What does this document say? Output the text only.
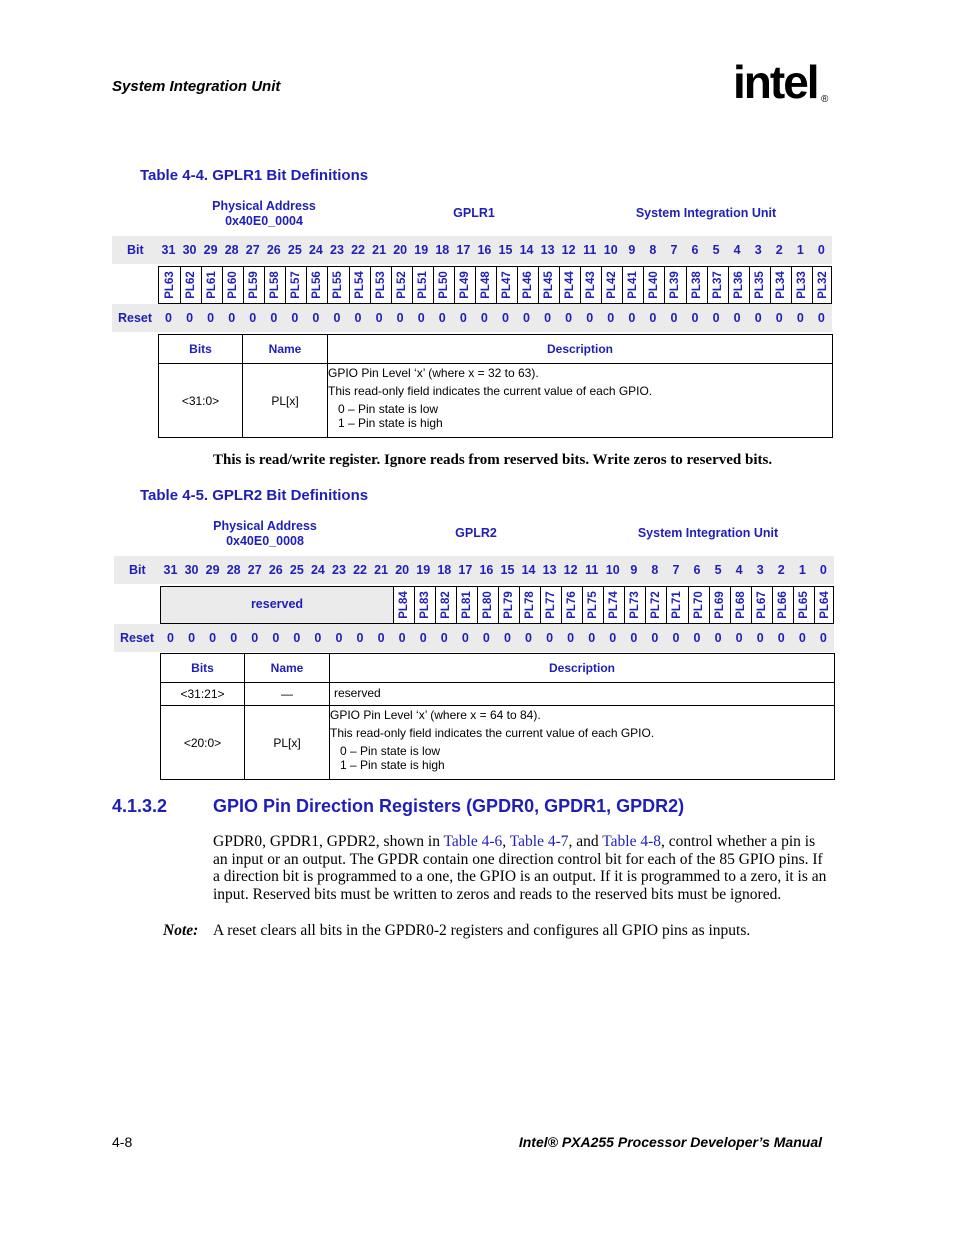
System Integration Unit	intel ®
Table 4-4. GPLR1 Bit Definitions
Physical Address
0x40E0_0004
GPLR1	System Integration Unit
Bit 31 30 29 28 27 26 25 24 23 22 21 20 19 18 17 16 15 14 13 12 11 10 9	8	7	6	5	4	3	2	1	0
PL63 PL62 PL61 PL60 PL59 PL58 PL57 PL56 PL55 PL54 PL53 PL52 PL51 PL50 PL49 PL48 PL47 PL46 PL45 PL44 PL43 PL42 PL41 PL40 PL39 PL38 PL37 PL36 PL35 PL34 PL33 PL32
Reset	0	0	0	0	0	0	0	0	0	0	0	0	0	0	0	0	0	0	0	0	0	0	0	0	0	0	0	0	0	0	0	0
Bits	Name	Description
<31:0>	PL[x]	GPIO Pin Level ‘x’ (where x = 32 to 63).
This read-only field indicates the current value of each GPIO.
0 – Pin state is low
1 – Pin state is high
This is read/write register. Ignore reads from reserved bits. Write zeros to reserved bits.
Table 4-5. GPLR2 Bit Definitions
Physical Address
0x40E0_0008
GPLR2	System Integration Unit
Bit 31 30 29 28 27 26 25 24 23 22 21 20 19 18 17 16 15 14 13 12 11 10 9	8	7	6	5	4	3	2	1	0
reserved	PL84 PL83 PL82 PL81 PL80 PL79 PL78 PL77 PL76 PL75 PL74 PL73 PL72 PL71 PL70 PL69 PL68 PL67 PL66 PL65 PL64
Reset	0	0	0	0	0	0	0	0	0	0	0	0	0	0	0	0	0	0	0	0	0	0	0	0	0	0	0	0	0	0	0	0
Bits	Name	Description
<31:21>	—	reserved
<20:0>	PL[x]	GPIO Pin Level ‘x’ (where x = 64 to 84).
This read-only field indicates the current value of each GPIO.
0 – Pin state is low
1 – Pin state is high
4.1.3.2	GPIO Pin Direction Registers (GPDR0, GPDR1, GPDR2)
GPDR0, GPDR1, GPDR2, shown in Table 4-6, Table 4-7, and Table 4-8, control whether a pin is an input or an output. The GPDR contain one direction control bit for each of the 85 GPIO pins. If a direction bit is programmed to a one, the GPIO is an output. If it is programmed to a zero, it is an input. Reserved bits must be written to zeros and reads to the reserved bits must be ignored.
Note: A reset clears all bits in the GPDR0-2 registers and configures all GPIO pins as inputs.
4-8	Intel® PXA255 Processor Developer’s Manual
